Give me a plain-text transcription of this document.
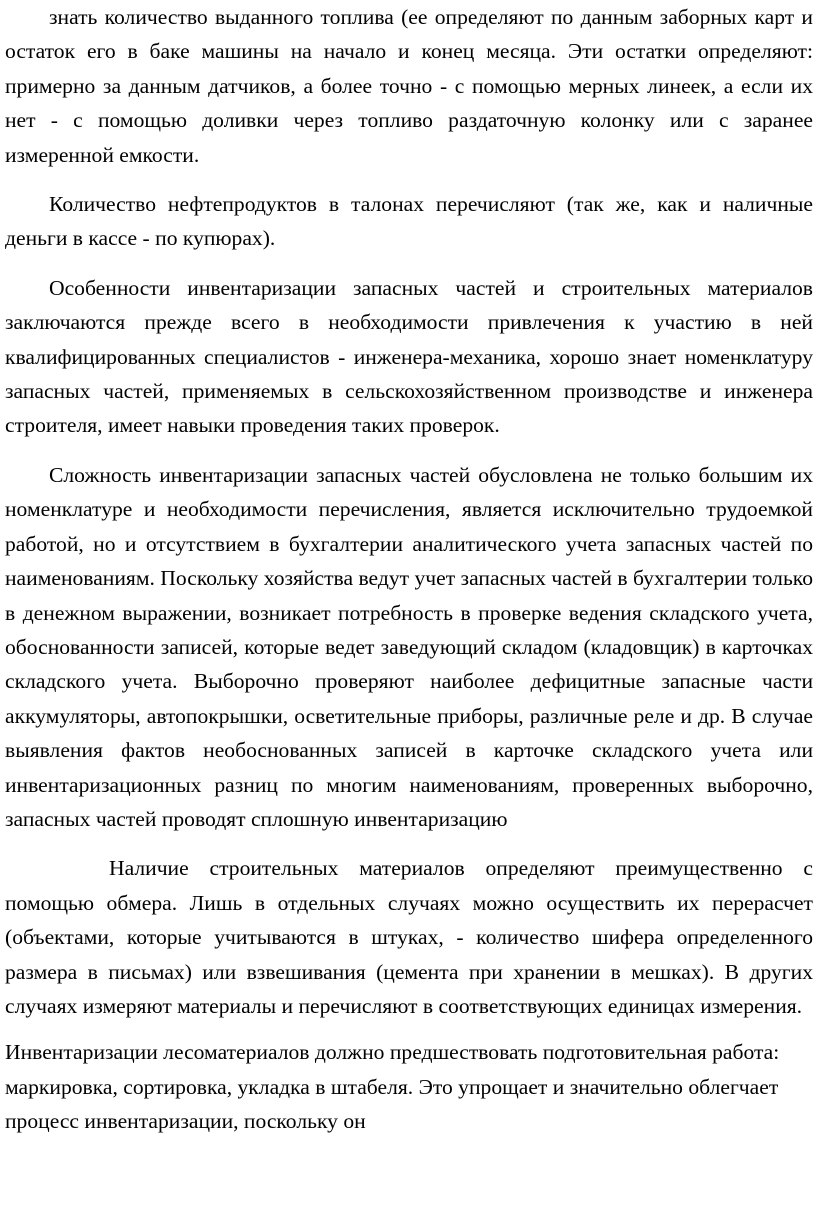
знать количество выданного топлива (ее определяют по данным заборных карт и остаток его в баке машины на начало и конец месяца. Эти остатки определяют: примерно за данным датчиков, а более точно - с помощью мерных линеек, а если их нет - с помощью доливки через топливо раздаточную колонку или с заранее измеренной емкости.

Количество нефтепродуктов в талонах перечисляют (так же, как и наличные деньги в кассе - по купюрах).

Особенности инвентаризации запасных частей и строительных материалов заключаются прежде всего в необходимости привлечения к участию в ней квалифицированных специалистов - инженера-механика, хорошо знает номенклатуру запасных частей, применяемых в сельскохозяйственном производстве и инженера строителя, имеет навыки проведения таких проверок.

Сложность инвентаризации запасных частей обусловлена не только большим их номенклатуре и необходимости перечисления, является исключительно трудоемкой работой, но и отсутствием в бухгалтерии аналитического учета запасных частей по наименованиям. Поскольку хозяйства ведут учет запасных частей в бухгалтерии только в денежном выражении, возникает потребность в проверке ведения складского учета, обоснованности записей, которые ведет заведующий складом (кладовщик) в карточках складского учета. Выборочно проверяют наиболее дефицитные запасные части аккумуляторы, автопокрышки, осветительные приборы, различные реле и др. В случае выявления фактов необоснованных записей в карточке складского учета или инвентаризационных разниц по многим наименованиям, проверенных выборочно, запасных частей проводят сплошную инвентаризацию

Наличие строительных материалов определяют преимущественно с помощью обмера. Лишь в отдельных случаях можно осуществить их перерасчет (объектами, которые учитываются в штуках, - количество шифера определенного размера в письмах) или взвешивания (цемента при хранении в мешках). В других случаях измеряют материалы и перечисляют в соответствующих единицах измерения.

Инвентаризации лесоматериалов должно предшествовать подготовительная работа: маркировка, сортировка, укладка в штабеля. Это упрощает и значительно облегчает процесс инвентаризации, поскольку он
